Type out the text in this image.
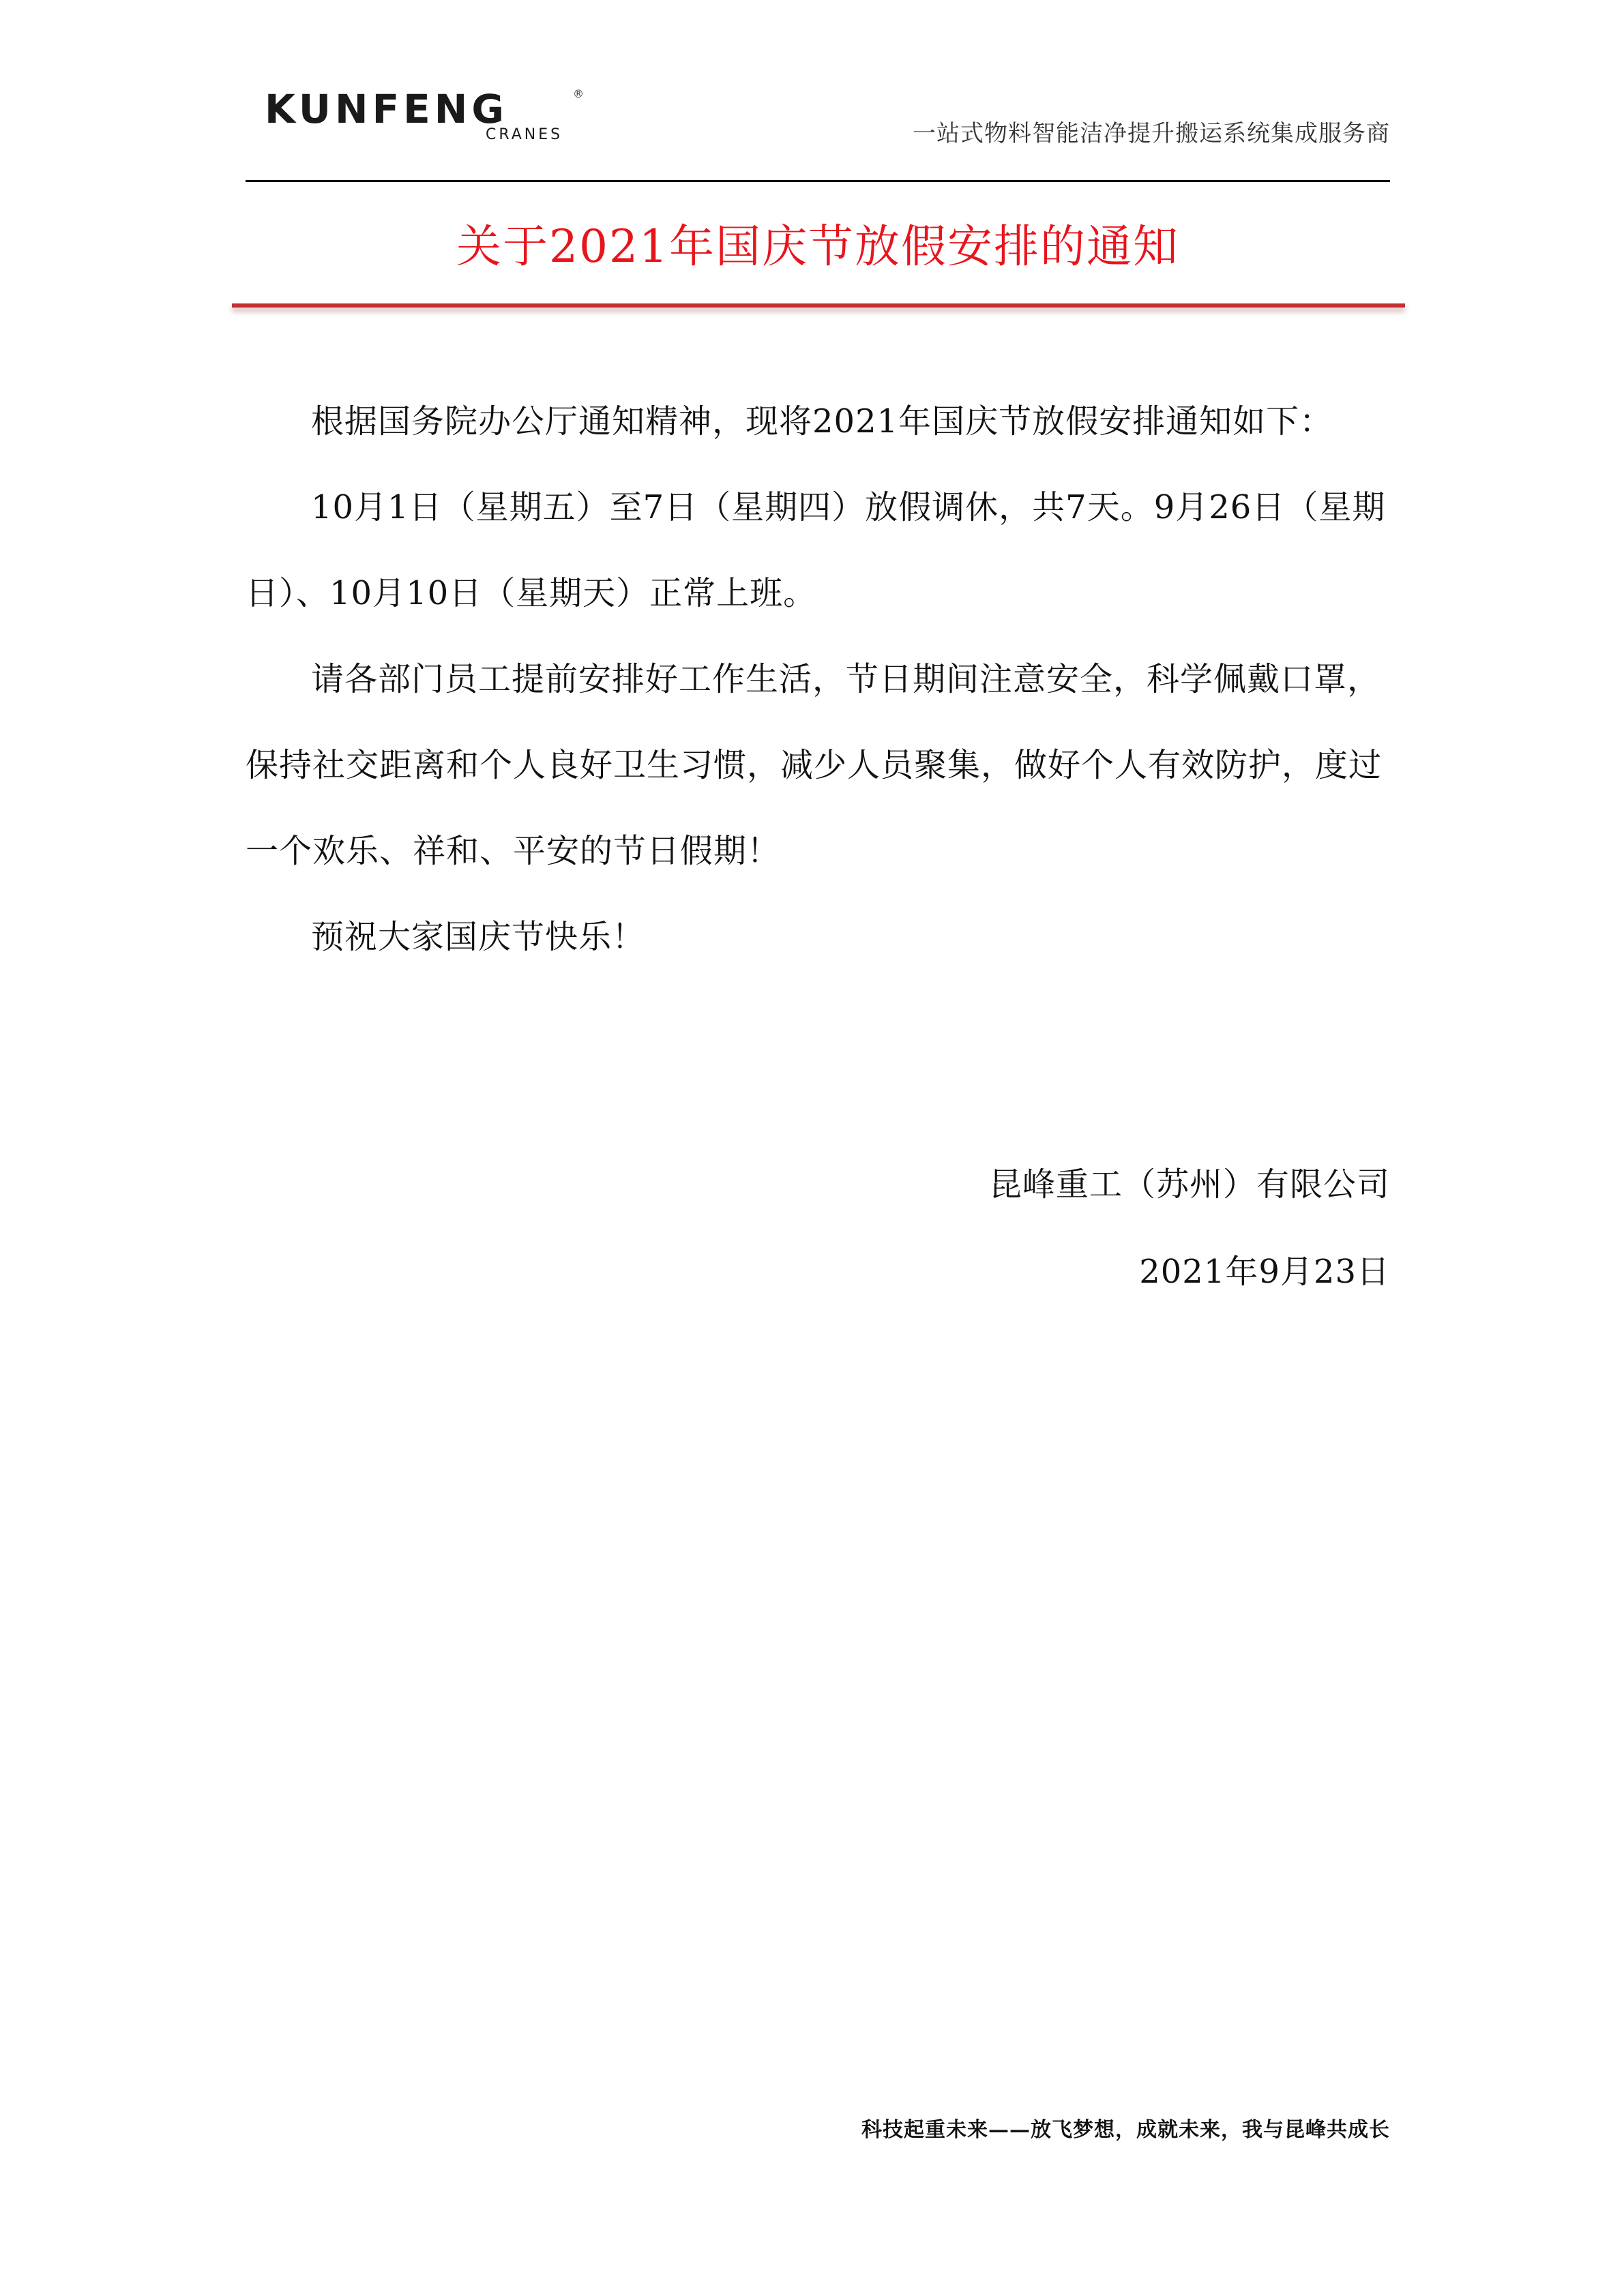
KUNFENG
CRANES
®
一站式物料智能洁净提升搬运系统集成服务商
关于2021年国庆节放假安排的通知

根据国务院办公厅通知精神，现将2021年国庆节放假安排通知如下：

10月1日（星期五）至7日（星期四）放假调休，共7天。9月26日（星期日）、10月10日（星期天）正常上班。

请各部门员工提前安排好工作生活，节日期间注意安全，科学佩戴口罩，保持社交距离和个人良好卫生习惯，减少人员聚集，做好个人有效防护，度过一个欢乐、祥和、平安的节日假期！

预祝大家国庆节快乐！

昆峰重工（苏州）有限公司
2021年9月23日
科技起重未来——放飞梦想，成就未来，我与昆峰共成长
